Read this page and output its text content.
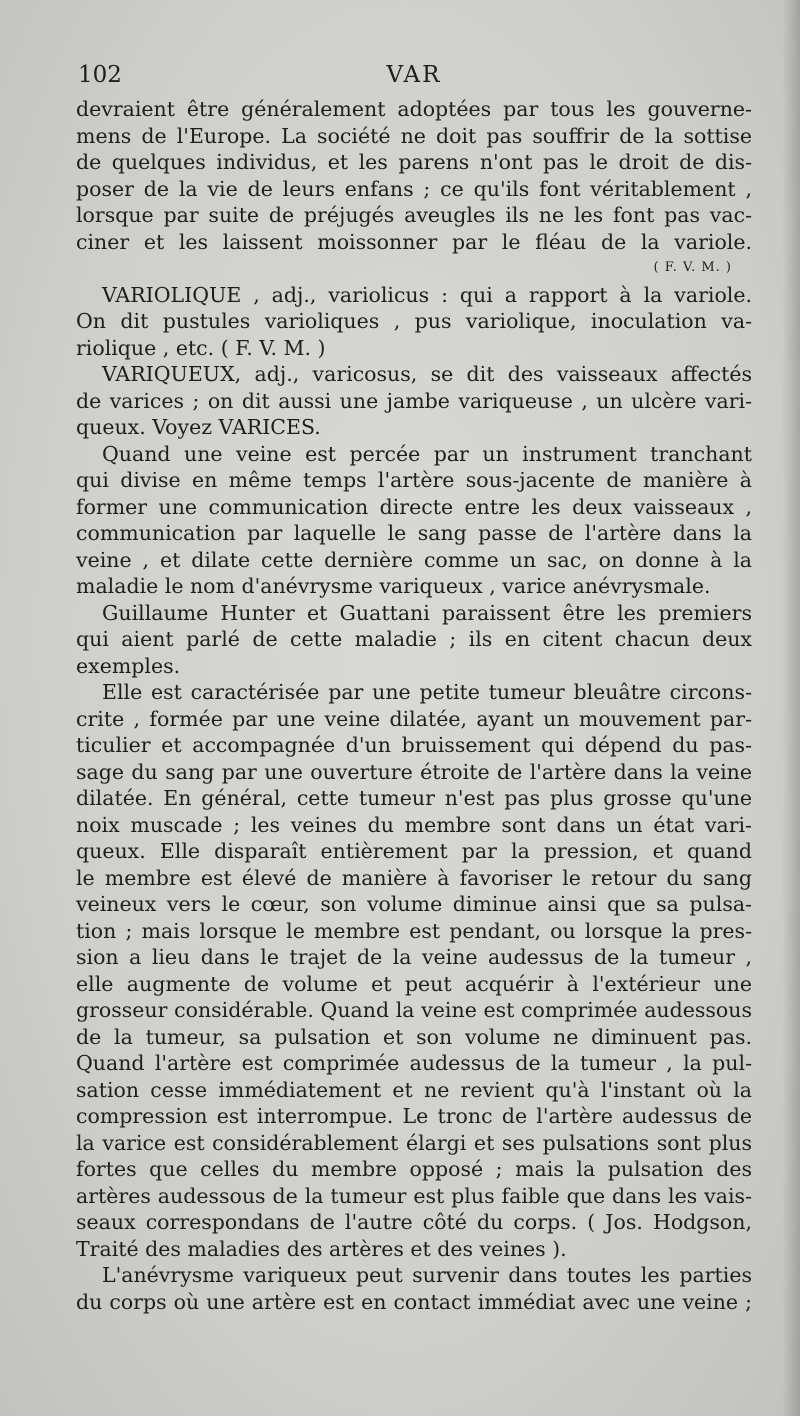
102	VAR
devraient être généralement adoptées par tous les gouverne-
mens de l'Europe. La société ne doit pas souffrir de la sottise
de quelques individus, et les parens n'ont pas le droit de dis-
poser de la vie de leurs enfans ; ce qu'ils font véritablement ,
lorsque par suite de préjugés aveugles ils ne les font pas vac-
ciner et les laissent moissonner par le fléau de la variole.
( F. V. M. )
VARIOLIQUE , adj., variolicus : qui a rapport à la variole.
On dit pustules varioliques , pus variolique, inoculation va-
riolique , etc. ( F. V. M. )
VARIQUEUX, adj., varicosus, se dit des vaisseaux affectés
de varices ; on dit aussi une jambe variqueuse , un ulcère vari-
queux. Voyez VARICES.
Quand une veine est percée par un instrument tranchant
qui divise en même temps l'artère sous-jacente de manière à
former une communication directe entre les deux vaisseaux ,
communication par laquelle le sang passe de l'artère dans la
veine , et dilate cette dernière comme un sac, on donne à la
maladie le nom d'anévrysme variqueux , varice anévrysmale.
Guillaume Hunter et Guattani paraissent être les premiers
qui aient parlé de cette maladie ; ils en citent chacun deux
exemples.
Elle est caractérisée par une petite tumeur bleuâtre circons-
crite , formée par une veine dilatée, ayant un mouvement par-
ticulier et accompagnée d'un bruissement qui dépend du pas-
sage du sang par une ouverture étroite de l'artère dans la veine
dilatée. En général, cette tumeur n'est pas plus grosse qu'une
noix muscade ; les veines du membre sont dans un état vari-
queux. Elle disparaît entièrement par la pression, et quand
le membre est élevé de manière à favoriser le retour du sang
veineux vers le cœur, son volume diminue ainsi que sa pulsa-
tion ; mais lorsque le membre est pendant, ou lorsque la pres-
sion a lieu dans le trajet de la veine audessus de la tumeur ,
elle augmente de volume et peut acquérir à l'extérieur une
grosseur considérable. Quand la veine est comprimée audessous
de la tumeur, sa pulsation et son volume ne diminuent pas.
Quand l'artère est comprimée audessus de la tumeur , la pul-
sation cesse immédiatement et ne revient qu'à l'instant où la
compression est interrompue. Le tronc de l'artère audessus de
la varice est considérablement élargi et ses pulsations sont plus
fortes que celles du membre opposé ; mais la pulsation des
artères audessous de la tumeur est plus faible que dans les vais-
seaux correspondans de l'autre côté du corps. ( Jos. Hodgson,
Traité des maladies des artères et des veines ).
L'anévrysme variqueux peut survenir dans toutes les parties
du corps où une artère est en contact immédiat avec une veine ;
